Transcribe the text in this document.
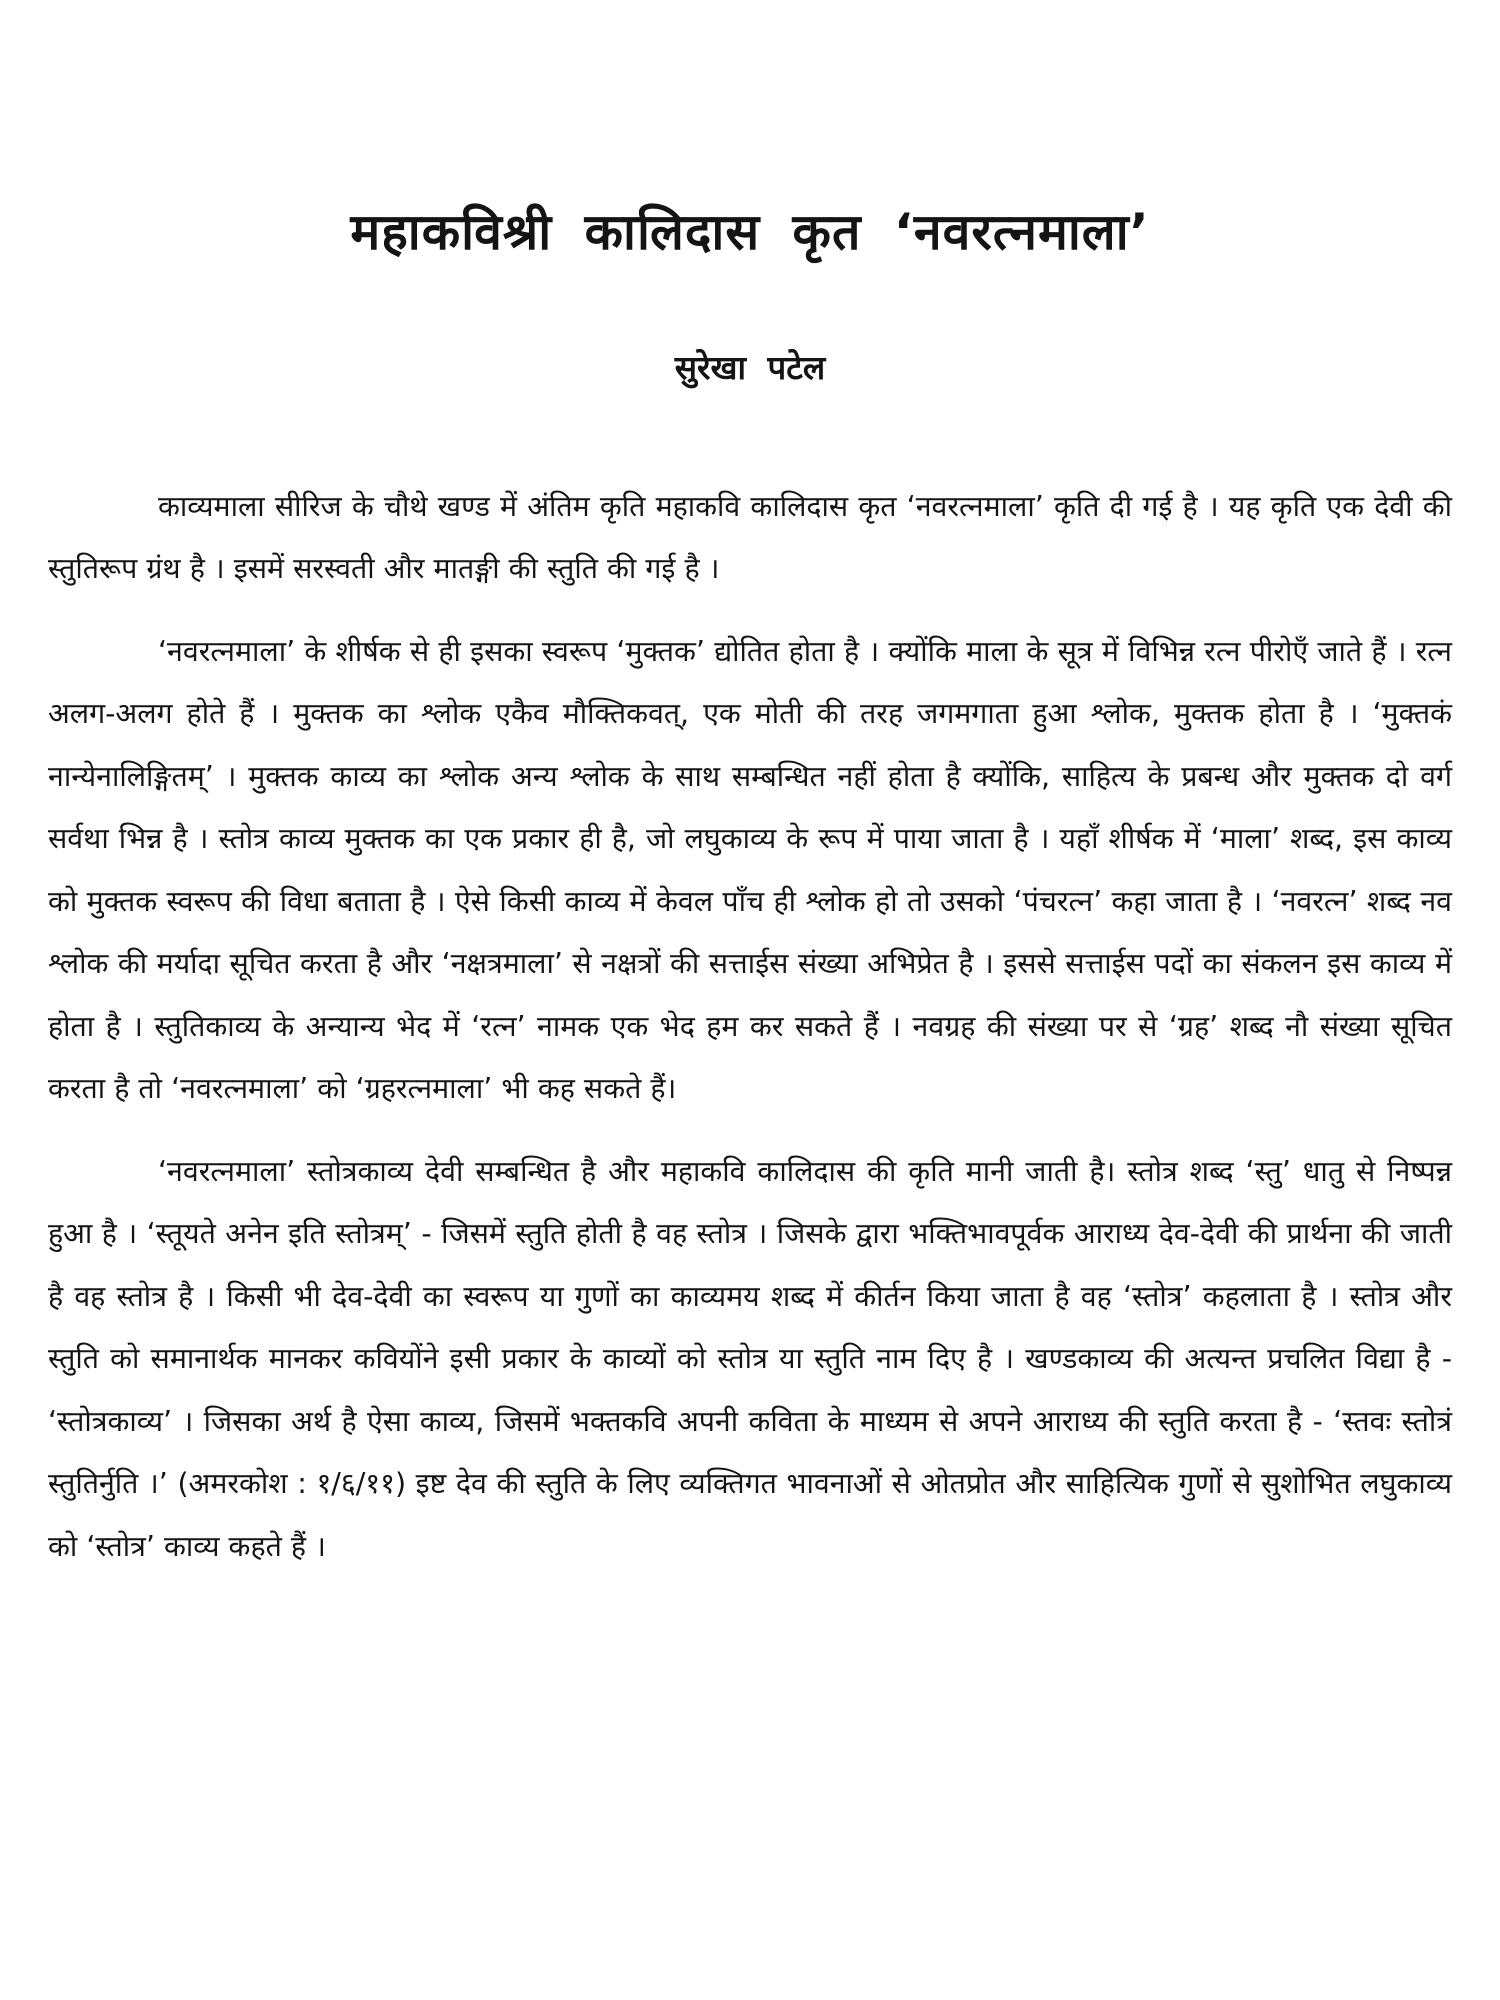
महाकविश्री कालिदास कृत ‘नवरत्नमाला’
सुरेखा पटेल

काव्यमाला सीरिज के चौथे खण्ड में अंतिम कृति महाकवि कालिदास कृत ‘नवरत्नमाला’ कृति दी गई है । यह कृति एक देवी की स्तुतिरूप ग्रंथ है । इसमें सरस्वती और मातङ्गी की स्तुति की गई है ।

‘नवरत्नमाला’ के शीर्षक से ही इसका स्वरूप ‘मुक्तक’ द्योतित होता है । क्योंकि माला के सूत्र में विभिन्न रत्न पीरोएँ जाते हैं । रत्न अलग-अलग होते हैं । मुक्तक का श्लोक एकैव मौक्तिकवत्, एक मोती की तरह जगमगाता हुआ श्लोक, मुक्तक होता है । ‘मुक्तकं नान्येनालिङ्गितम्’ । मुक्तक काव्य का श्लोक अन्य श्लोक के साथ सम्बन्धित नहीं होता है क्योंकि, साहित्य के प्रबन्ध और मुक्तक दो वर्ग सर्वथा भिन्न है । स्तोत्र काव्य मुक्तक का एक प्रकार ही है, जो लघुकाव्य के रूप में पाया जाता है । यहाँ शीर्षक में ‘माला’ शब्द, इस काव्य को मुक्तक स्वरूप की विधा बताता है । ऐसे किसी काव्य में केवल पाँच ही श्लोक हो तो उसको ‘पंचरत्न’ कहा जाता है । ‘नवरत्न’ शब्द नव श्लोक की मर्यादा सूचित करता है और ‘नक्षत्रमाला’ से नक्षत्रों की सत्ताईस संख्या अभिप्रेत है । इससे सत्ताईस पदों का संकलन इस काव्य में होता है । स्तुतिकाव्य के अन्यान्य भेद में ‘रत्न’ नामक एक भेद हम कर सकते हैं । नवग्रह की संख्या पर से ‘ग्रह’ शब्द नौ संख्या सूचित करता है तो ‘नवरत्नमाला’ को ‘ग्रहरत्नमाला’ भी कह सकते हैं।

‘नवरत्नमाला’ स्तोत्रकाव्य देवी सम्बन्धित है और महाकवि कालिदास की कृति मानी जाती है। स्तोत्र शब्द ‘स्तु’ धातु से निष्पन्न हुआ है । ‘स्तूयते अनेन इति स्तोत्रम्’ - जिसमें स्तुति होती है वह स्तोत्र । जिसके द्वारा भक्तिभावपूर्वक आराध्य देव-देवी की प्रार्थना की जाती है वह स्तोत्र है । किसी भी देव-देवी का स्वरूप या गुणों का काव्यमय शब्द में कीर्तन किया जाता है वह ‘स्तोत्र’ कहलाता है । स्तोत्र और स्तुति को समानार्थक मानकर कवियोंने इसी प्रकार के काव्यों को स्तोत्र या स्तुति नाम दिए है । खण्डकाव्य की अत्यन्त प्रचलित विद्या है - ‘स्तोत्रकाव्य’ । जिसका अर्थ है ऐसा काव्य, जिसमें भक्तकवि अपनी कविता के माध्यम से अपने आराध्य की स्तुति करता है - ‘स्तवः स्तोत्रं स्तुतिर्नुति ।’ (अमरकोश : १/६/११) इष्ट देव की स्तुति के लिए व्यक्तिगत भावनाओं से ओतप्रोत और साहित्यिक गुणों से सुशोभित लघुकाव्य को ‘स्तोत्र’ काव्य कहते हैं ।
